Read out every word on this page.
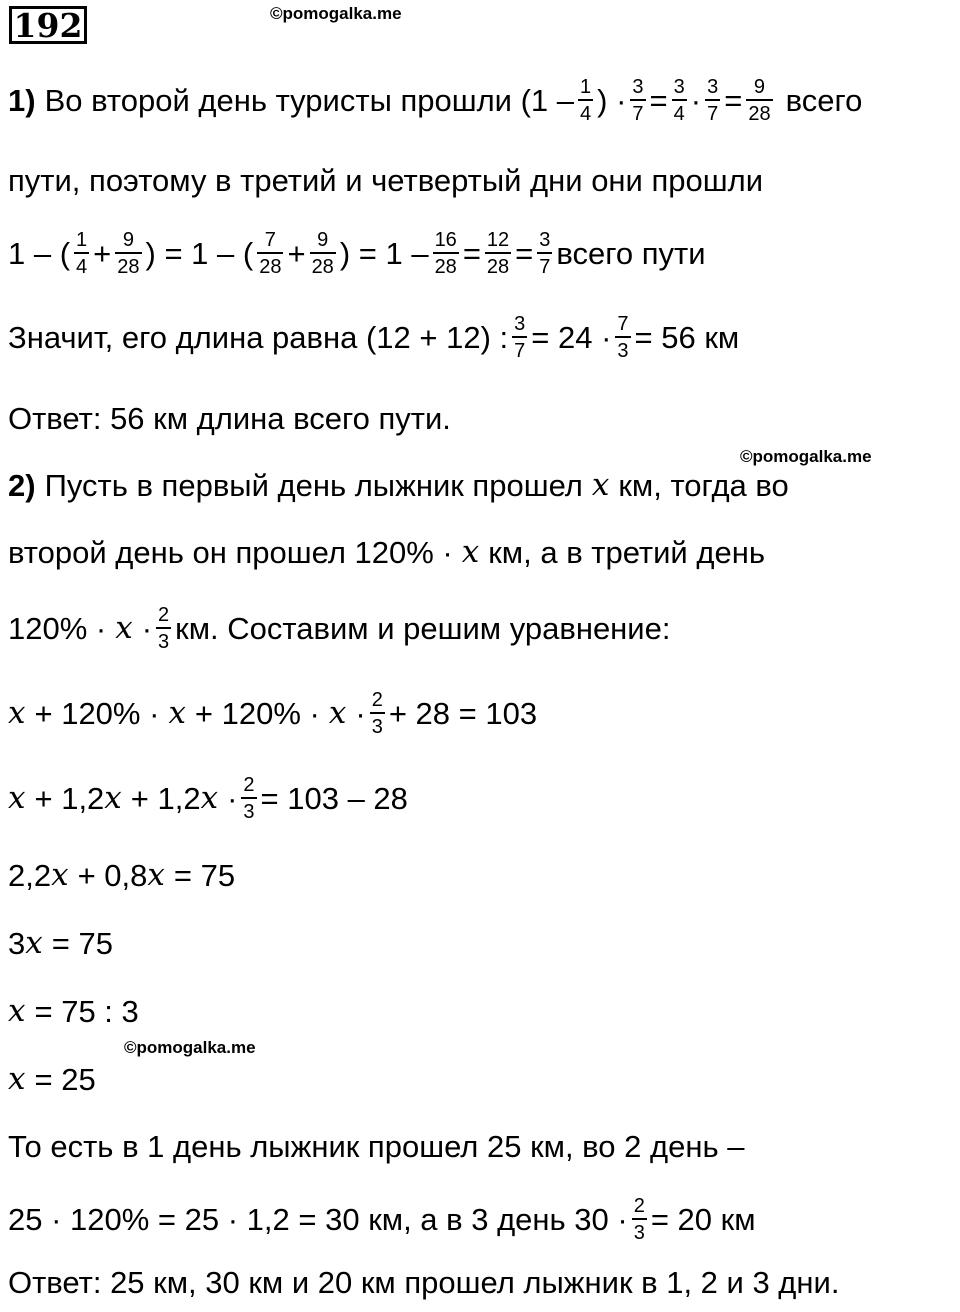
192	©pomogalka.me
©pomogalka.me
©pomogalka.me
1) Во второй день туристы прошли ($1 - \frac{1}{4}$ ) · $\frac{3}{7} = \frac{3}{4} \cdot \frac{3}{7} = \frac{9}{28}$ всего
пути, поэтому в третий и четвертый дни они прошли
1 – ( $\frac{1}{4} + \frac{9}{28}$ ) = 1 – ( $\frac{7}{28} + \frac{9}{28}$ ) = $1 - \frac{16}{28} = \frac{12}{28} = \frac{3}{7}$ всего пути
Значит, его длина равна (12 + 12) : $\frac{3}{7} = 24 \cdot \frac{7}{3} = 56$ км
Ответ: 56 км длина всего пути.
2) Пусть в первый день лыжник прошел x км, тогда во
второй день он прошел 120% · x км, а в третий день
$120\% \cdot x \cdot \frac{2}{3}$ км. Составим и решим уравнение:
$x + 120\% \cdot x + 120\% \cdot x \cdot \frac{2}{3} + 28 = 103$
x + 1,2 x + 1,2 $x \cdot \frac{2}{3} = 103 - 28$
2,2 x + 0,8 x = 75
3 x = 75
x = 75 : 3
x = 25
То есть в 1 день лыжник прошел 25 км, во 2 день –
25 · 120% = 25 · 1,2 = 30 км, а в 3 день $30 \cdot \frac{2}{3} = 20$ км
Ответ: 25 км, 30 км и 20 км прошел лыжник в 1, 2 и 3 дни.
